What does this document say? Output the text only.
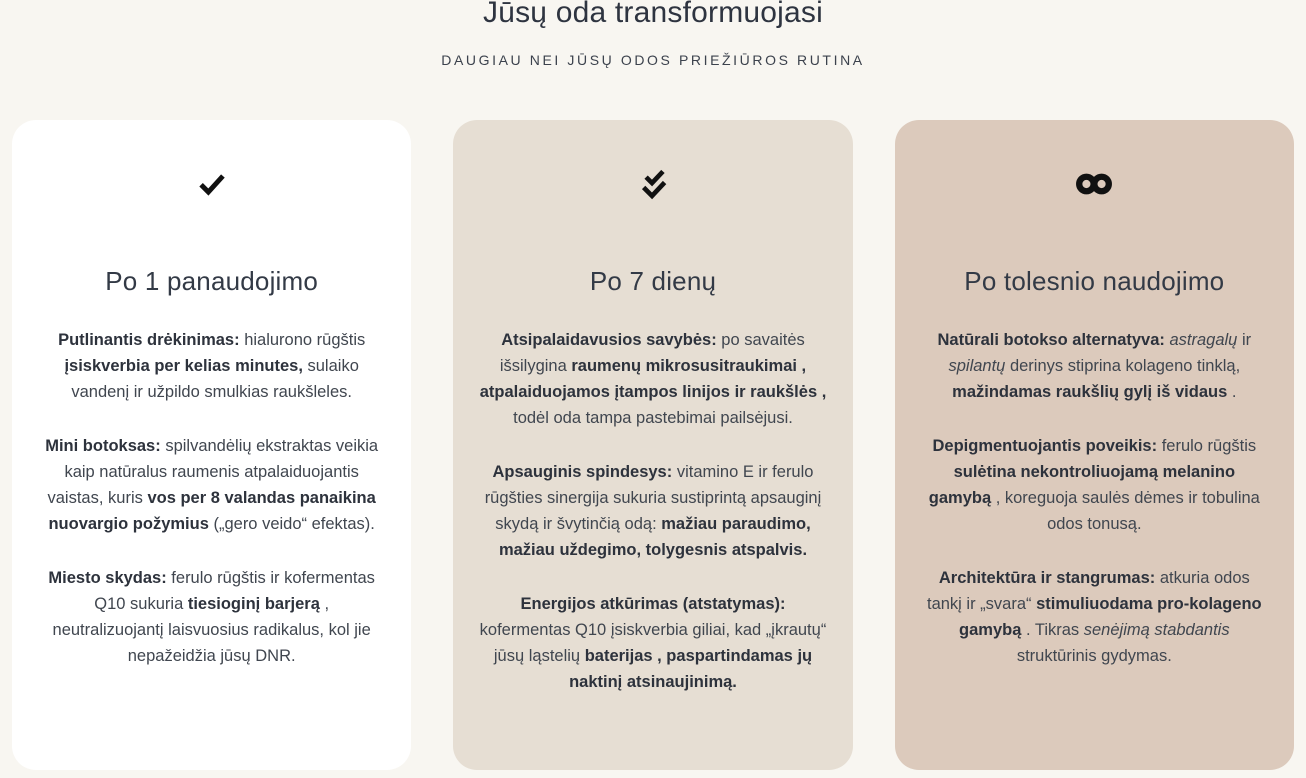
Jūsų oda transformuojasi
DAUGIAU NEI JŪSŲ ODOS PRIEŽIŪROS RUTINA
Po 1 panaudojimo

Putlinantis drėkinimas: hialurono rūgštis įsiskverbia per kelias minutes, sulaiko vandenį ir užpildo smulkias raukšleles.

Mini botoksas: spilvandėlių ekstraktas veikia kaip natūralus raumenis atpalaiduojantis vaistas, kuris vos per 8 valandas panaikina nuovargio požymius („gero veido“ efektas).

Miesto skydas: ferulo rūgštis ir kofermentas Q10 sukuria tiesioginį barjerą , neutralizuojantį laisvuosius radikalus, kol jie nepažeidžia jūsų DNR.

Po 7 dienų

Atsipalaidavusios savybės: po savaitės išsilygina raumenų mikrosusitraukimai , atpalaiduojamos įtampos linijos ir raukšlės , todėl oda tampa pastebimai pailsėjusi.

Apsauginis spindesys: vitamino E ir ferulo rūgšties sinergija sukuria sustiprintą apsauginį skydą ir švytinčią odą: mažiau paraudimo, mažiau uždegimo, tolygesnis atspalvis.

Energijos atkūrimas (atstatymas): kofermentas Q10 įsiskverbia giliai, kad „įkrautų“ jūsų ląstelių baterijas , paspartindamas jų naktinį atsinaujinimą.

Po tolesnio naudojimo

Natūrali botokso alternatyva: astragalų ir spilantų derinys stiprina kolageno tinklą, mažindamas raukšlių gylį iš vidaus .

Depigmentuojantis poveikis: ferulo rūgštis sulėtina nekontroliuojamą melanino gamybą , koreguoja saulės dėmes ir tobulina odos tonusą.

Architektūra ir stangrumas: atkuria odos tankį ir „svara“ stimuliuodama pro-kolageno gamybą . Tikras senėjimą stabdantis struktūrinis gydymas.
